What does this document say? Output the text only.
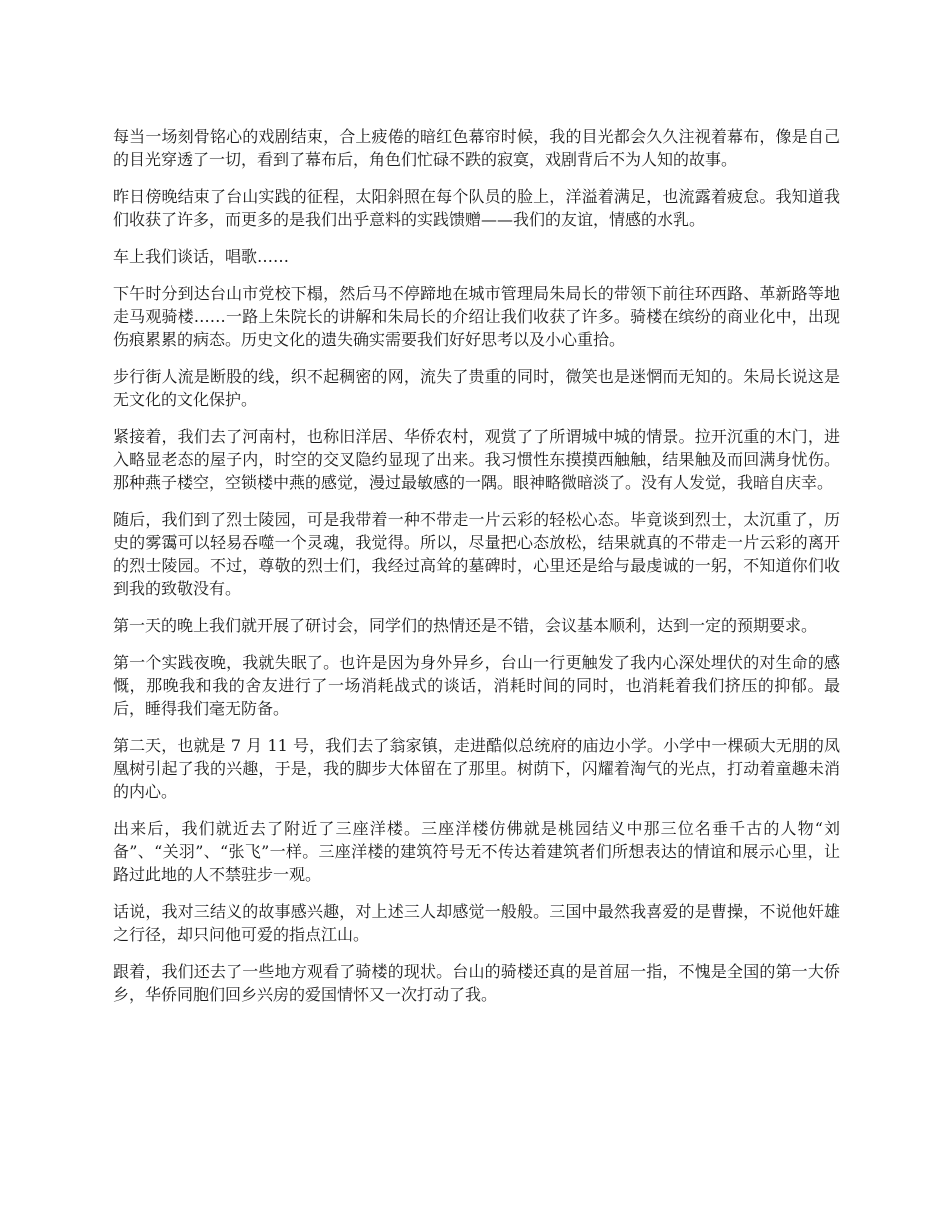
每当一场刻骨铭心的戏剧结束，合上疲倦的暗红色幕帘时候，我的目光都会久久注视着幕布，像是自己的目光穿透了一切，看到了幕布后，角色们忙碌不跌的寂寞，戏剧背后不为人知的故事。

昨日傍晚结束了台山实践的征程，太阳斜照在每个队员的脸上，洋溢着满足，也流露着疲怠。我知道我们收获了许多，而更多的是我们出乎意料的实践馈赠——我们的友谊，情感的水乳。

车上我们谈话，唱歌……

下午时分到达台山市党校下榻，然后马不停蹄地在城市管理局朱局长的带领下前往环西路、革新路等地走马观骑楼……一路上朱院长的讲解和朱局长的介绍让我们收获了许多。骑楼在缤纷的商业化中，出现伤痕累累的病态。历史文化的遗失确实需要我们好好思考以及小心重拾。

步行街人流是断股的线，织不起稠密的网，流失了贵重的同时，微笑也是迷惘而无知的。朱局长说这是无文化的文化保护。

紧接着，我们去了河南村，也称旧洋居、华侨农村，观赏了了所谓城中城的情景。拉开沉重的木门，进入略显老态的屋子内，时空的交叉隐约显现了出来。我习惯性东摸摸西触触，结果触及而回满身忧伤。那种燕子楼空，空锁楼中燕的感觉，漫过最敏感的一隅。眼神略微暗淡了。没有人发觉，我暗自庆幸。

随后，我们到了烈士陵园，可是我带着一种不带走一片云彩的轻松心态。毕竟谈到烈士，太沉重了，历史的雾霭可以轻易吞噬一个灵魂，我觉得。所以，尽量把心态放松，结果就真的不带走一片云彩的离开的烈士陵园。不过，尊敬的烈士们，我经过高耸的墓碑时，心里还是给与最虔诚的一躬，不知道你们收到我的致敬没有。

第一天的晚上我们就开展了研讨会，同学们的热情还是不错，会议基本顺利，达到一定的预期要求。

第一个实践夜晚，我就失眠了。也许是因为身外异乡，台山一行更触发了我内心深处埋伏的对生命的感慨，那晚我和我的舍友进行了一场消耗战式的谈话，消耗时间的同时，也消耗着我们挤压的抑郁。最后，睡得我们毫无防备。

第二天，也就是 7 月 11 号，我们去了翁家镇，走进酷似总统府的庙边小学。小学中一棵硕大无朋的凤凰树引起了我的兴趣，于是，我的脚步大体留在了那里。树荫下，闪耀着淘气的光点，打动着童趣未消的内心。

出来后，我们就近去了附近了三座洋楼。三座洋楼仿佛就是桃园结义中那三位名垂千古的人物“刘备”、“关羽”、“张飞”一样。三座洋楼的建筑符号无不传达着建筑者们所想表达的情谊和展示心里，让路过此地的人不禁驻步一观。

话说，我对三结义的故事感兴趣，对上述三人却感觉一般般。三国中最然我喜爱的是曹操，不说他奸雄之行径，却只问他可爱的指点江山。

跟着，我们还去了一些地方观看了骑楼的现状。台山的骑楼还真的是首屈一指，不愧是全国的第一大侨乡，华侨同胞们回乡兴房的爱国情怀又一次打动了我。
